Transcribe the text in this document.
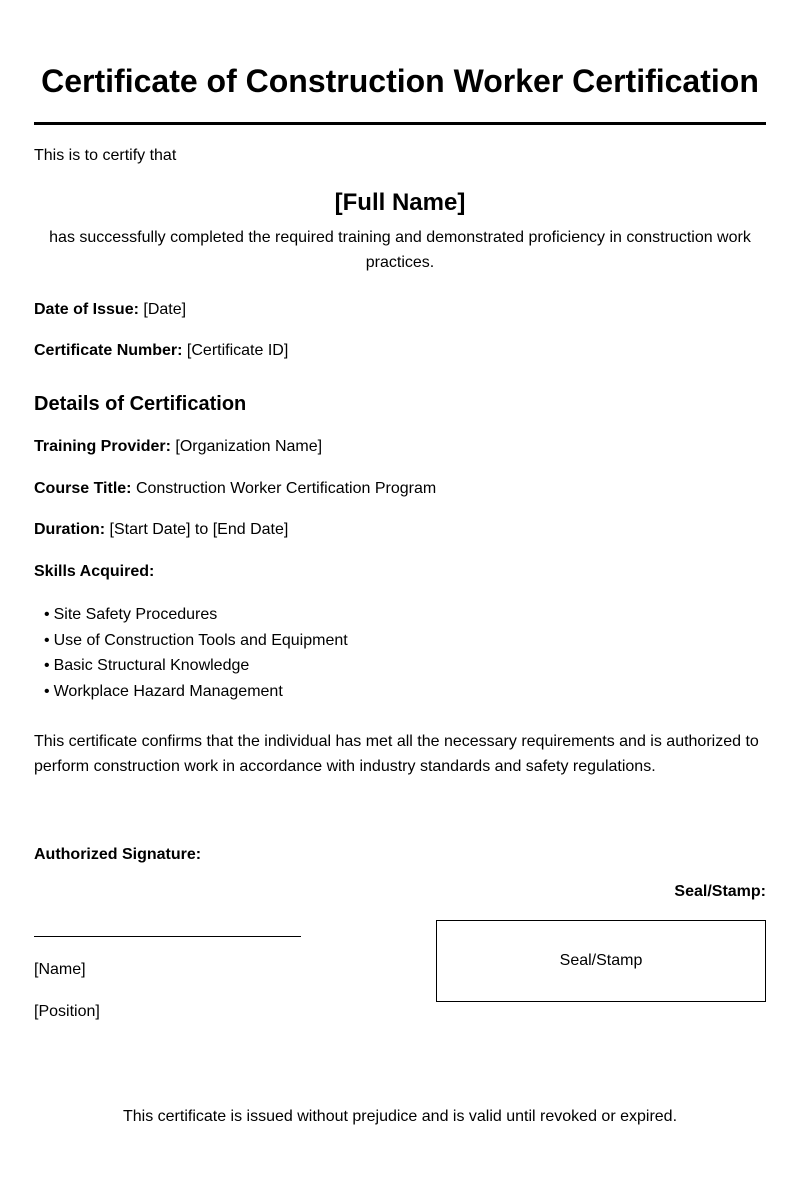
Certificate of Construction Worker Certification
This is to certify that
[Full Name]
has successfully completed the required training and demonstrated proficiency in construction work
practices.
Date of Issue: [Date]
Certificate Number: [Certificate ID]
Details of Certification
Training Provider: [Organization Name]
Course Title: Construction Worker Certification Program
Duration: [Start Date] to [End Date]
Skills Acquired:
• Site Safety Procedures
• Use of Construction Tools and Equipment
• Basic Structural Knowledge
• Workplace Hazard Management
This certificate confirms that the individual has met all the necessary requirements and is authorized to perform construction work in accordance with industry standards and safety regulations.
Authorized Signature:
Seal/Stamp:
[Name]
[Position]
Seal/Stamp
This certificate is issued without prejudice and is valid until revoked or expired.
